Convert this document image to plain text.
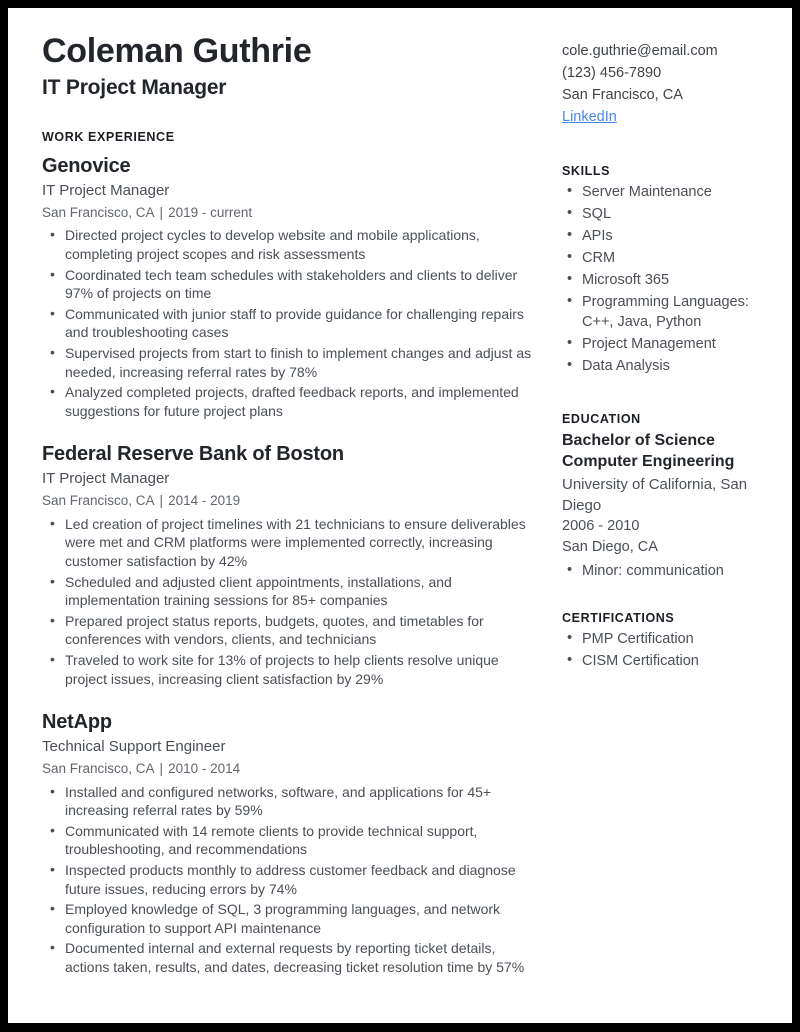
Coleman Guthrie
IT Project Manager
WORK EXPERIENCE
Genovice
IT Project Manager
San Francisco, CA | 2019 - current
• Directed project cycles to develop website and mobile applications, completing project scopes and risk assessments
• Coordinated tech team schedules with stakeholders and clients to deliver 97% of projects on time
• Communicated with junior staff to provide guidance for challenging repairs and troubleshooting cases
• Supervised projects from start to finish to implement changes and adjust as needed, increasing referral rates by 78%
• Analyzed completed projects, drafted feedback reports, and implemented suggestions for future project plans
Federal Reserve Bank of Boston
IT Project Manager
San Francisco, CA | 2014 - 2019
• Led creation of project timelines with 21 technicians to ensure deliverables were met and CRM platforms were implemented correctly, increasing customer satisfaction by 42%
• Scheduled and adjusted client appointments, installations, and implementation training sessions for 85+ companies
• Prepared project status reports, budgets, quotes, and timetables for conferences with vendors, clients, and technicians
• Traveled to work site for 13% of projects to help clients resolve unique project issues, increasing client satisfaction by 29%
NetApp
Technical Support Engineer
San Francisco, CA | 2010 - 2014
• Installed and configured networks, software, and applications for 45+ increasing referral rates by 59%
• Communicated with 14 remote clients to provide technical support, troubleshooting, and recommendations
• Inspected products monthly to address customer feedback and diagnose future issues, reducing errors by 74%
• Employed knowledge of SQL, 3 programming languages, and network configuration to support API maintenance
• Documented internal and external requests by reporting ticket details, actions taken, results, and dates, decreasing ticket resolution time by 57%
cole.guthrie@email.com
(123) 456-7890
San Francisco, CA
LinkedIn
SKILLS
• Server Maintenance
• SQL
• APIs
• CRM
• Microsoft 365
• Programming Languages: C++, Java, Python
• Project Management
• Data Analysis
EDUCATION
Bachelor of Science Computer Engineering
University of California, San Diego
2006 - 2010
San Diego, CA
• Minor: communication
CERTIFICATIONS
• PMP Certification
• CISM Certification
